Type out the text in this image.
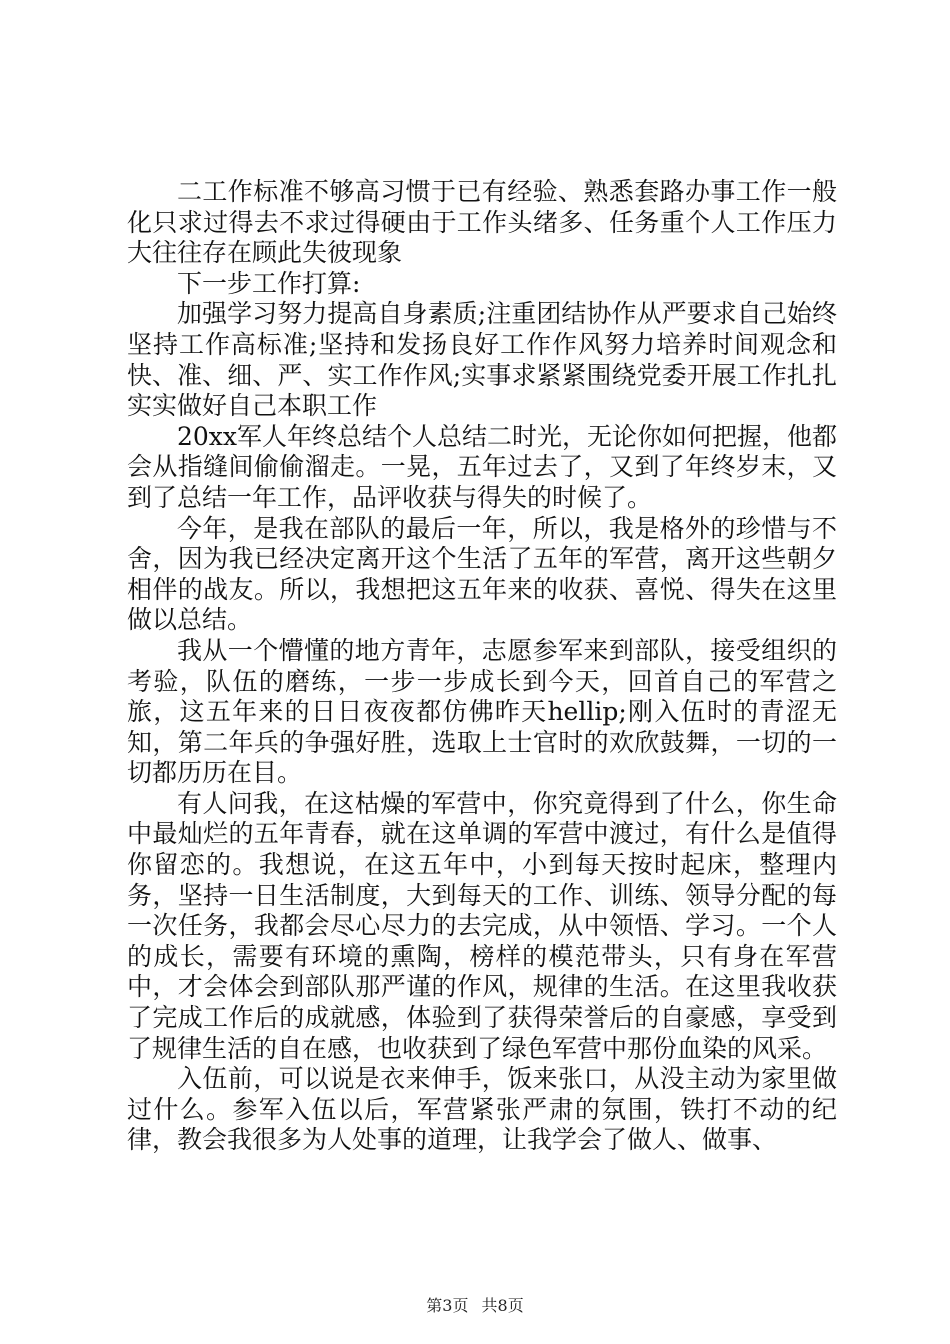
二工作标准不够高习惯于已有经验、熟悉套路办事工作一般化只求过得去不求过得硬由于工作头绪多、任务重个人工作压力大往往存在顾此失彼现象

下一步工作打算:

加强学习努力提高自身素质;注重团结协作从严要求自己始终坚持工作高标准;坚持和发扬良好工作作风努力培养时间观念和快、准、细、严、实工作作风;实事求紧紧围绕党委开展工作扎扎实实做好自己本职工作

20xx军人年终总结个人总结二时光，无论你如何把握，他都会从指缝间偷偷溜走。一晃，五年过去了，又到了年终岁末，又到了总结一年工作，品评收获与得失的时候了。

今年，是我在部队的最后一年，所以，我是格外的珍惜与不舍，因为我已经决定离开这个生活了五年的军营，离开这些朝夕相伴的战友。所以，我想把这五年来的收获、喜悦、得失在这里做以总结。

我从一个懵懂的地方青年，志愿参军来到部队，接受组织的考验，队伍的磨练，一步一步成长到今天，回首自己的军营之旅，这五年来的日日夜夜都仿佛昨天hellip;刚入伍时的青涩无知，第二年兵的争强好胜，选取上士官时的欢欣鼓舞，一切的一切都历历在目。

有人问我，在这枯燥的军营中，你究竟得到了什么，你生命中最灿烂的五年青春，就在这单调的军营中渡过，有什么是值得你留恋的。我想说，在这五年中，小到每天按时起床，整理内务，坚持一日生活制度，大到每天的工作、训练、领导分配的每一次任务，我都会尽心尽力的去完成，从中领悟、学习。一个人的成长，需要有环境的熏陶，榜样的模范带头，只有身在军营中，才会体会到部队那严谨的作风，规律的生活。在这里我收获了完成工作后的成就感，体验到了获得荣誉后的自豪感，享受到了规律生活的自在感，也收获到了绿色军营中那份血染的风采。

入伍前，可以说是衣来伸手，饭来张口，从没主动为家里做过什么。参军入伍以后，军营紧张严肃的氛围，铁打不动的纪律，教会我很多为人处事的道理，让我学会了做人、做事、

第3页 共8页
